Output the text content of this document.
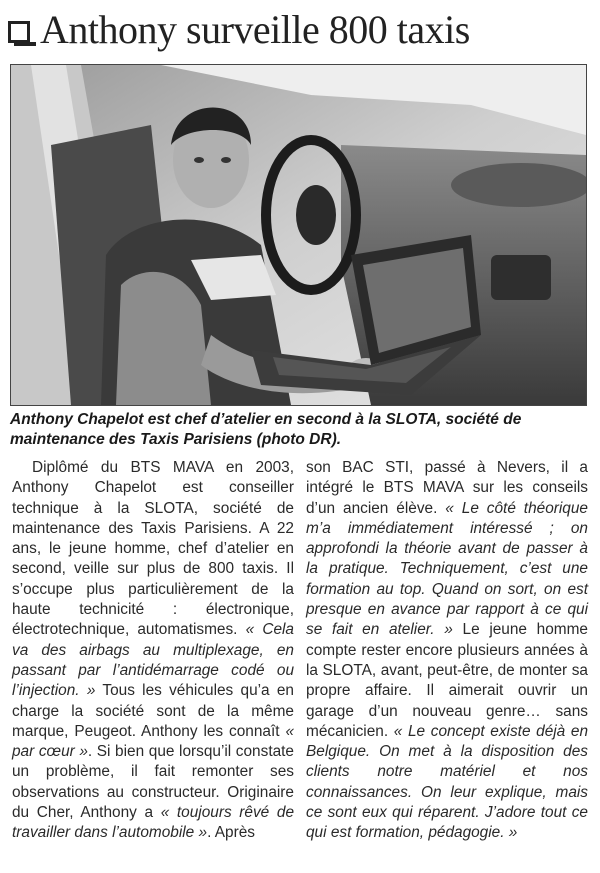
Anthony surveille 800 taxis
Anthony Chapelot est chef d’atelier en second à la SLOTA, société de maintenance des Taxis Parisiens (photo DR).

Diplômé du BTS MAVA en 2003, Anthony Chapelot est conseiller technique à la SLOTA, société de maintenance des Taxis Parisiens. A 22 ans, le jeune homme, chef d’atelier en second, veille sur plus de 800 taxis. Il s’occupe plus particulièrement de la haute technicité : électronique, électrotechnique, automatismes. « Cela va des airbags au multiplexage, en passant par l’antidémarrage codé ou l’injection. » Tous les véhicules qu’a en charge la société sont de la même marque, Peugeot. Anthony les connaît « par cœur ». Si bien que lorsqu’il constate un problème, il fait remonter ses observations au constructeur. Originaire du Cher, Anthony a « toujours rêvé de travailler dans l’automobile ». Après

son BAC STI, passé à Nevers, il a intégré le BTS MAVA sur les conseils d’un ancien élève. « Le côté théorique m’a immédiatement intéressé ; on approfondi la théorie avant de passer à la pratique. Techniquement, c’est une formation au top. Quand on sort, on est presque en avance par rapport à ce qui se fait en atelier. » Le jeune homme compte rester encore plusieurs années à la SLOTA, avant, peut-être, de monter sa propre affaire. Il aimerait ouvrir un garage d’un nouveau genre… sans mécanicien. « Le concept existe déjà en Belgique. On met à la disposition des clients notre matériel et nos connaissances. On leur explique, mais ce sont eux qui réparent. J’adore tout ce qui est formation, pédagogie. »
